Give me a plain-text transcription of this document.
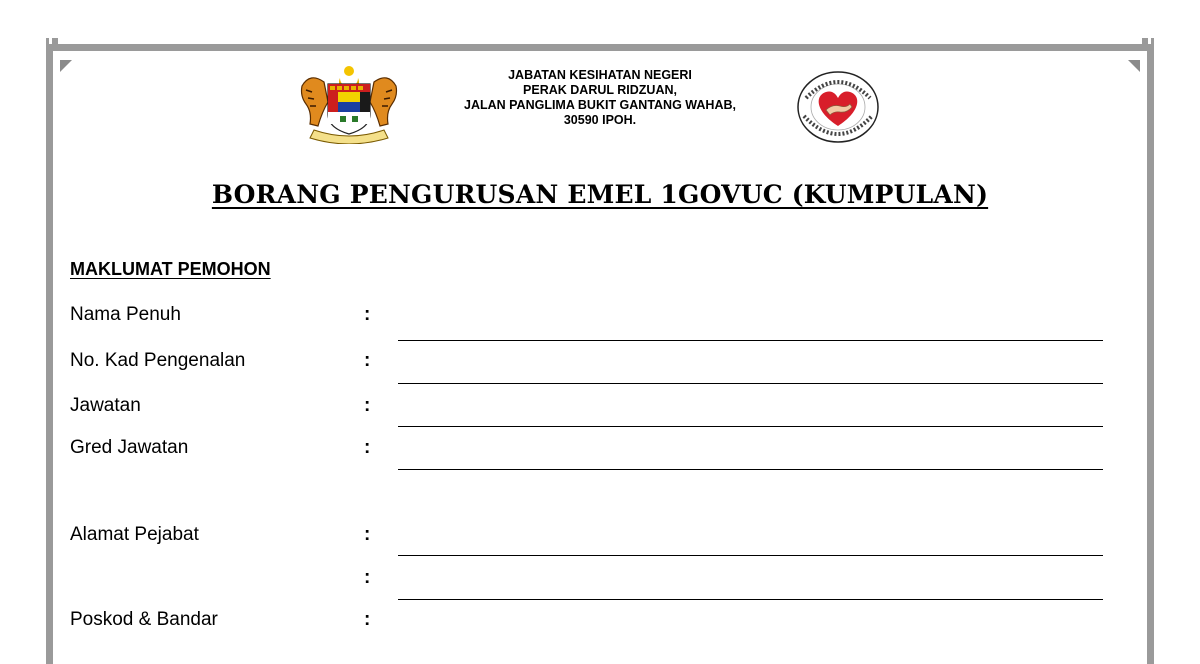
JABATAN KESIHATAN NEGERI
PERAK DARUL RIDZUAN,
JALAN PANGLIMA BUKIT GANTANG WAHAB,
30590 IPOH.
BORANG PENGURUSAN EMEL 1GOVUC (KUMPULAN)
MAKLUMAT PEMOHON
Nama Penuh	:
No. Kad Pengenalan	:
Jawatan	:
Gred Jawatan	:
Alamat Pejabat	:
:
Poskod & Bandar	:
